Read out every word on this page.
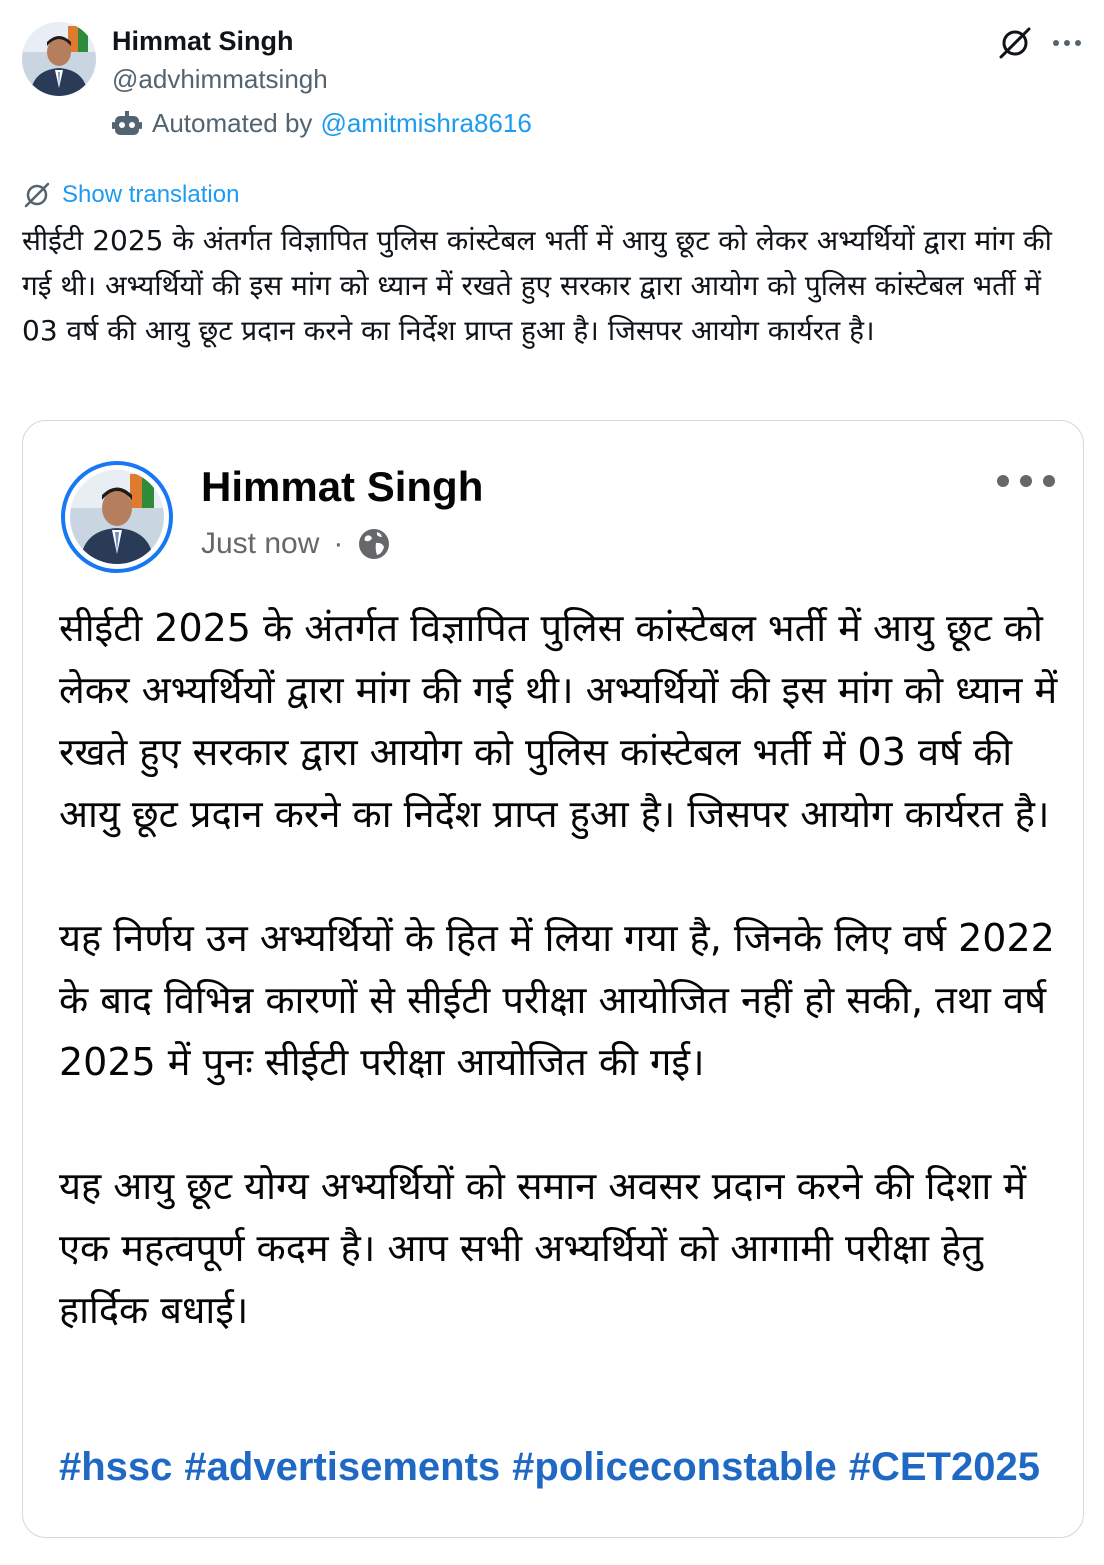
Himmat Singh
@advhimmatsingh
Automated by @amitmishra8616
Show translation
सीईटी 2025 के अंतर्गत विज्ञापित पुलिस कांस्टेबल भर्ती में आयु छूट को लेकर अभ्यर्थियों द्वारा मांग की गई थी। अभ्यर्थियों की इस मांग को ध्यान में रखते हुए सरकार द्वारा आयोग को पुलिस कांस्टेबल भर्ती में 03 वर्ष की आयु छूट प्रदान करने का निर्देश प्राप्त हुआ है। जिसपर आयोग कार्यरत है।
Himmat Singh
Just now ·

सीईटी 2025 के अंतर्गत विज्ञापित पुलिस कांस्टेबल भर्ती में आयु छूट को लेकर अभ्यर्थियों द्वारा मांग की गई थी। अभ्यर्थियों की इस मांग को ध्यान में रखते हुए सरकार द्वारा आयोग को पुलिस कांस्टेबल भर्ती में 03 वर्ष की आयु छूट प्रदान करने का निर्देश प्राप्त हुआ है। जिसपर आयोग कार्यरत है।

यह निर्णय उन अभ्यर्थियों के हित में लिया गया है, जिनके लिए वर्ष 2022 के बाद विभिन्न कारणों से सीईटी परीक्षा आयोजित नहीं हो सकी, तथा वर्ष 2025 में पुनः सीईटी परीक्षा आयोजित की गई।

यह आयु छूट योग्य अभ्यर्थियों को समान अवसर प्रदान करने की दिशा में एक महत्वपूर्ण कदम है। आप सभी अभ्यर्थियों को आगामी परीक्षा हेतु हार्दिक बधाई।

#hssc #advertisements #policeconstable #CET2025
